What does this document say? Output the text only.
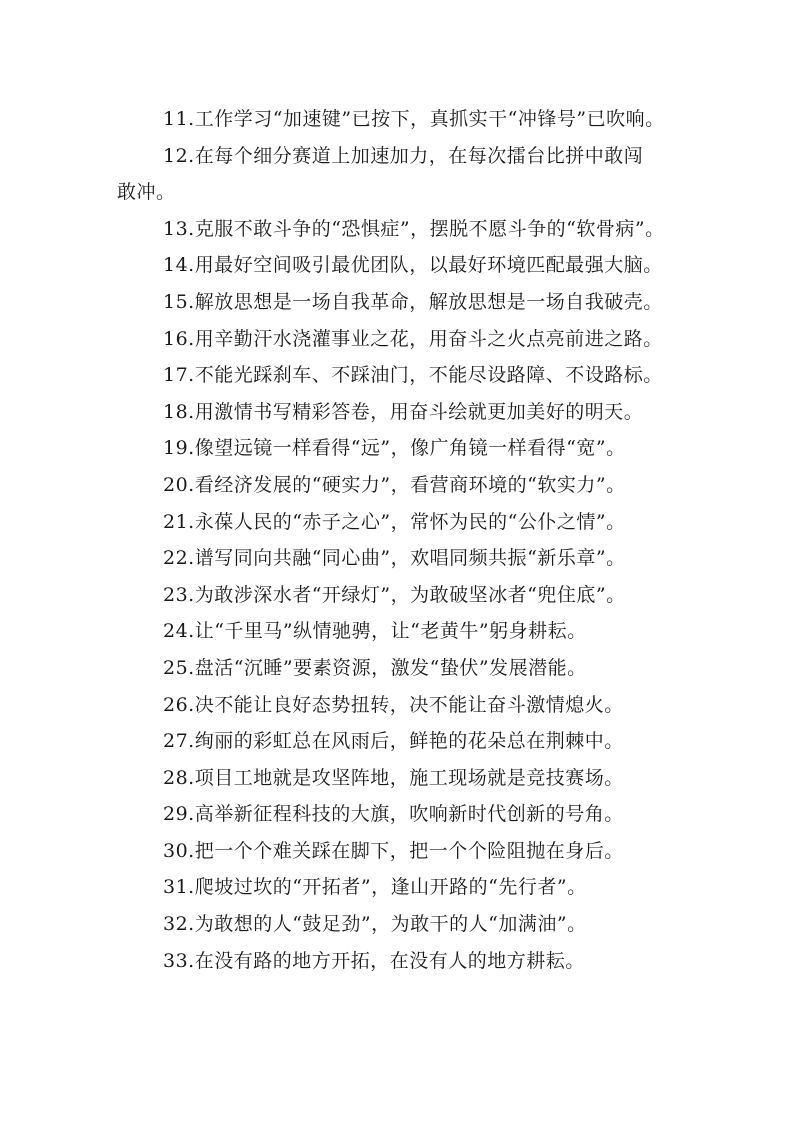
11.工作学习“加速键”已按下，真抓实干“冲锋号”已吹响。
12.在每个细分赛道上加速加力，在每次擂台比拼中敢闯
敢冲。
13.克服不敢斗争的“恐惧症”，摆脱不愿斗争的“软骨病”。
14.用最好空间吸引最优团队，以最好环境匹配最强大脑。
15.解放思想是一场自我革命，解放思想是一场自我破壳。
16.用辛勤汗水浇灌事业之花，用奋斗之火点亮前进之路。
17.不能光踩刹车、不踩油门，不能尽设路障、不设路标。
18.用激情书写精彩答卷，用奋斗绘就更加美好的明天。
19.像望远镜一样看得“远”，像广角镜一样看得“宽”。
20.看经济发展的“硬实力”，看营商环境的“软实力”。
21.永葆人民的“赤子之心”，常怀为民的“公仆之情”。
22.谱写同向共融“同心曲”，欢唱同频共振“新乐章”。
23.为敢涉深水者“开绿灯”，为敢破坚冰者“兜住底”。
24.让“千里马”纵情驰骋，让“老黄牛”躬身耕耘。
25.盘活“沉睡”要素资源，激发“蛰伏”发展潜能。
26.决不能让良好态势扭转，决不能让奋斗激情熄火。
27.绚丽的彩虹总在风雨后，鲜艳的花朵总在荆棘中。
28.项目工地就是攻坚阵地，施工现场就是竞技赛场。
29.高举新征程科技的大旗，吹响新时代创新的号角。
30.把一个个难关踩在脚下，把一个个险阻抛在身后。
31.爬坡过坎的“开拓者”，逢山开路的“先行者”。
32.为敢想的人“鼓足劲”，为敢干的人“加满油”。
33.在没有路的地方开拓，在没有人的地方耕耘。
